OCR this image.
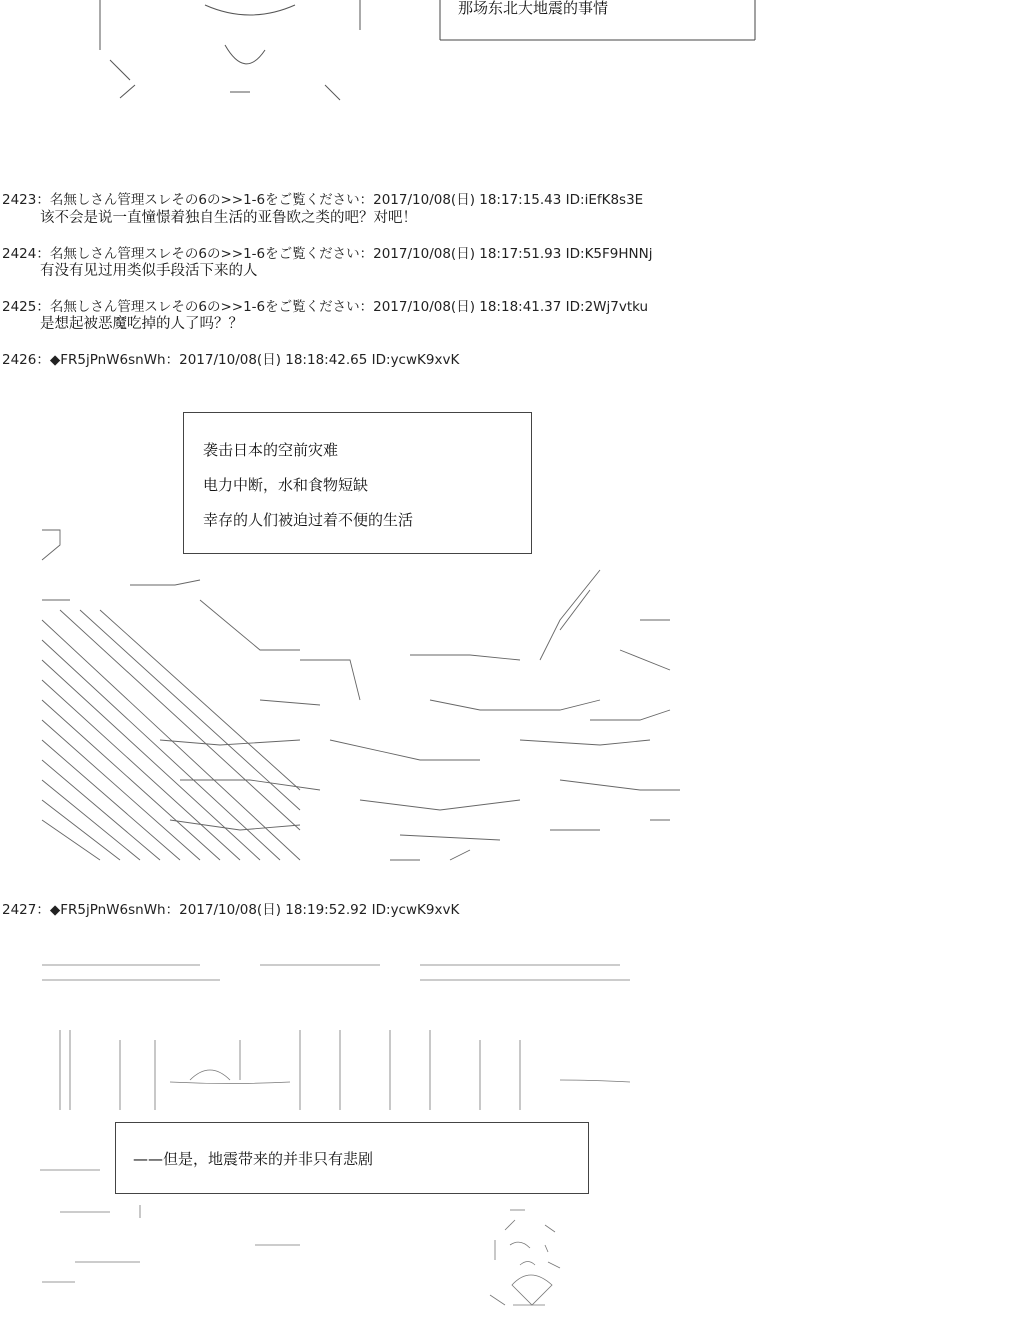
那场东北大地震的事情
2423：名無しさん管理スレその6の>>1-6をご覧ください：2017/10/08(日) 18:17:15.43 ID:iEfK8s3E
该不会是说一直憧憬着独自生活的亚鲁欧之类的吧？对吧！
2424：名無しさん管理スレその6の>>1-6をご覧ください：2017/10/08(日) 18:17:51.93 ID:K5F9HNNj
有没有见过用类似手段活下来的人
2425：名無しさん管理スレその6の>>1-6をご覧ください：2017/10/08(日) 18:18:41.37 ID:2Wj7vtku
是想起被恶魔吃掉的人了吗？？
2426：◆FR5jPnW6snWh：2017/10/08(日) 18:18:42.65 ID:ycwK9xvK
袭击日本的空前灾难
电力中断，水和食物短缺
幸存的人们被迫过着不便的生活
2427：◆FR5jPnW6snWh：2017/10/08(日) 18:19:52.92 ID:ycwK9xvK
——但是，地震带来的并非只有悲剧
